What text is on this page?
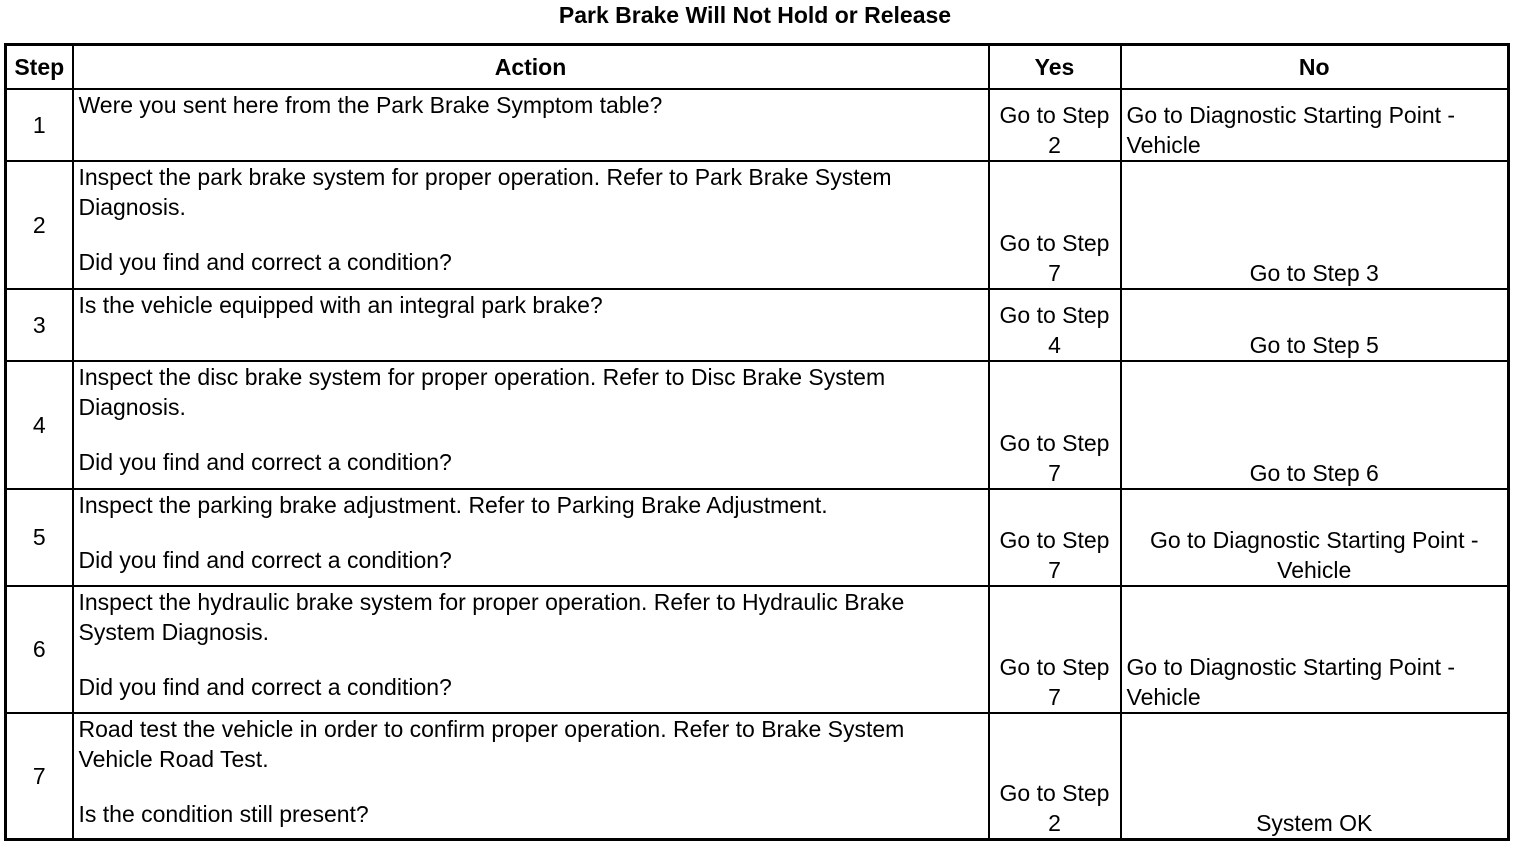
Park Brake Will Not Hold or Release
Step	Action	Yes	No
1	Were you sent here from the Park Brake Symptom table?	Go to Step 2	Go to Diagnostic Starting Point - Vehicle
2	Inspect the park brake system for proper operation. Refer to Park Brake System Diagnosis.
Did you find and correct a condition?	Go to Step 7	Go to Step 3
3	Is the vehicle equipped with an integral park brake?	Go to Step 4	Go to Step 5
4	Inspect the disc brake system for proper operation. Refer to Disc Brake System Diagnosis.
Did you find and correct a condition?	Go to Step 7	Go to Step 6
5	Inspect the parking brake adjustment. Refer to Parking Brake Adjustment.
Did you find and correct a condition?	Go to Step 7	Go to Diagnostic Starting Point - Vehicle
6	Inspect the hydraulic brake system for proper operation. Refer to Hydraulic Brake System Diagnosis.
Did you find and correct a condition?	Go to Step 7	Go to Diagnostic Starting Point - Vehicle
7	Road test the vehicle in order to confirm proper operation. Refer to Brake System Vehicle Road Test.
Is the condition still present?	Go to Step 2	System OK
